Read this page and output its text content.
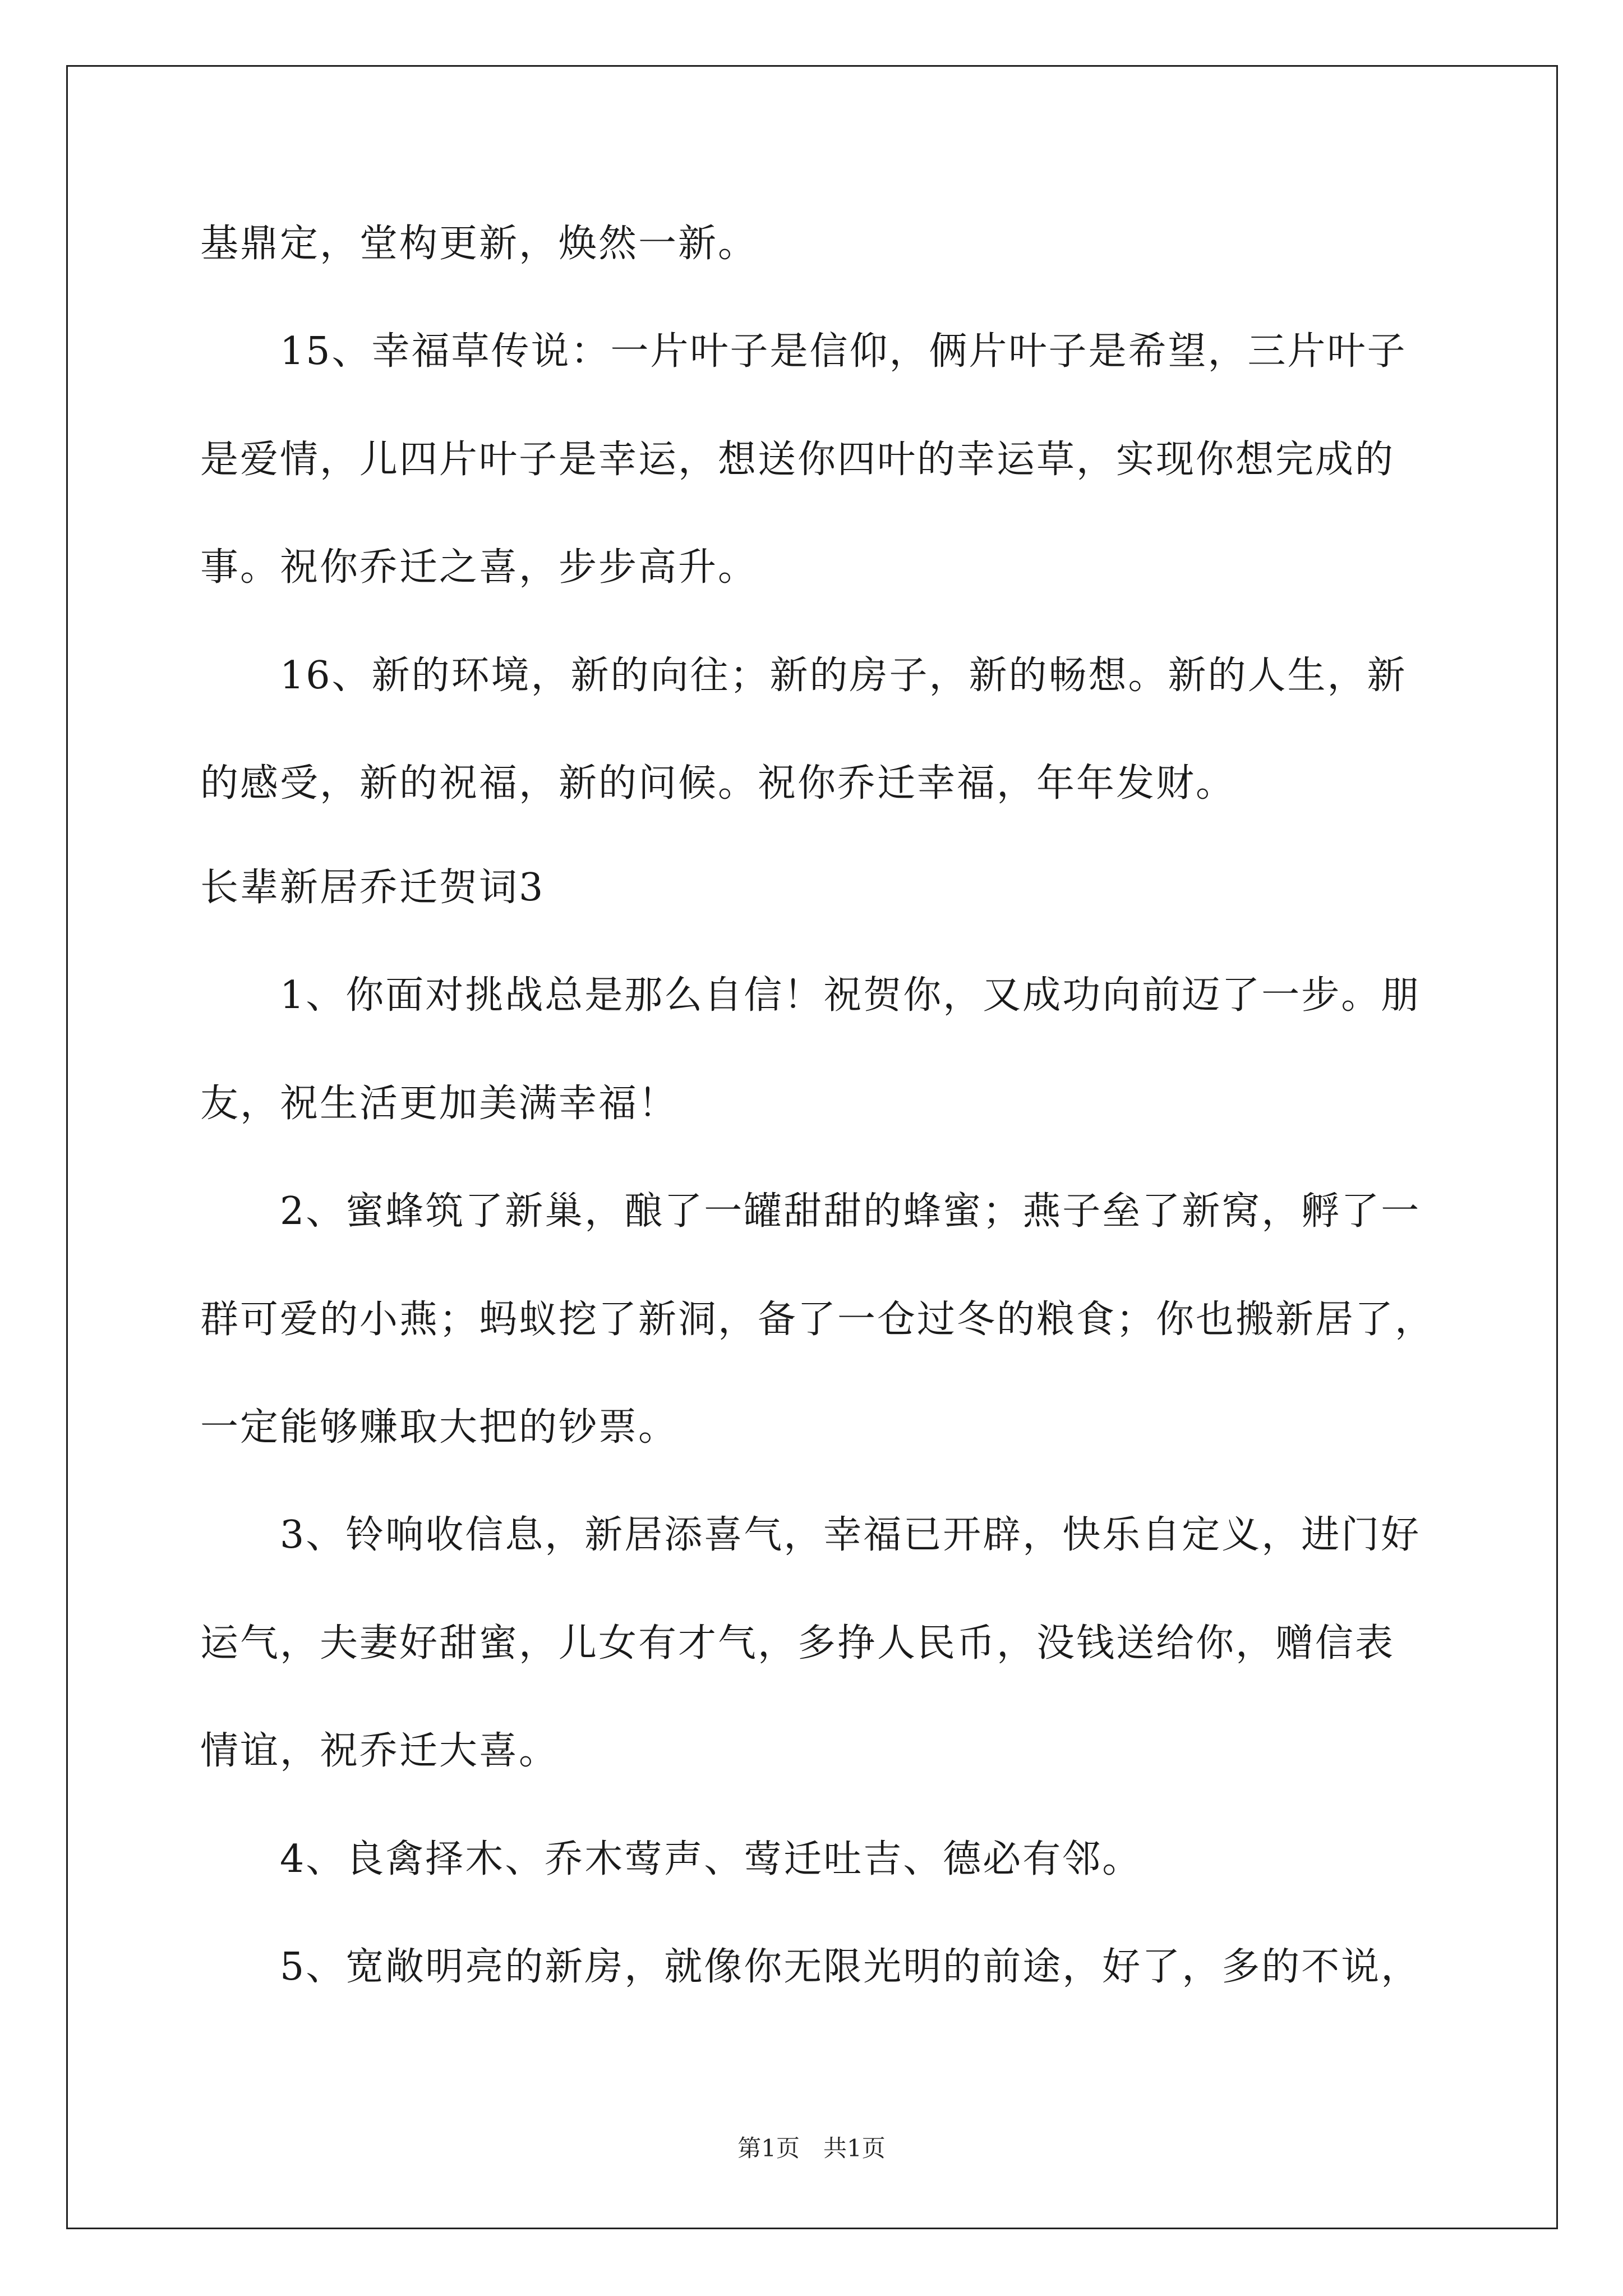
基鼎定，堂构更新，焕然一新。
15、幸福草传说：一片叶子是信仰，俩片叶子是希望，三片叶子
是爱情，儿四片叶子是幸运，想送你四叶的幸运草，实现你想完成的
事。祝你乔迁之喜，步步高升。
16、新的环境，新的向往；新的房子，新的畅想。新的人生，新
的感受，新的祝福，新的问候。祝你乔迁幸福，年年发财。
长辈新居乔迁贺词3
1、你面对挑战总是那么自信！祝贺你，又成功向前迈了一步。朋
友，祝生活更加美满幸福！
2、蜜蜂筑了新巢，酿了一罐甜甜的蜂蜜；燕子垒了新窝，孵了一
群可爱的小燕；蚂蚁挖了新洞，备了一仓过冬的粮食；你也搬新居了，
一定能够赚取大把的钞票。
3、铃响收信息，新居添喜气，幸福已开辟，快乐自定义，进门好
运气，夫妻好甜蜜，儿女有才气，多挣人民币，没钱送给你，赠信表
情谊，祝乔迁大喜。
4、良禽择木、乔木莺声、莺迁吐吉、德必有邻。
5、宽敞明亮的新房，就像你无限光明的前途，好了，多的不说，
第1页　共1页
